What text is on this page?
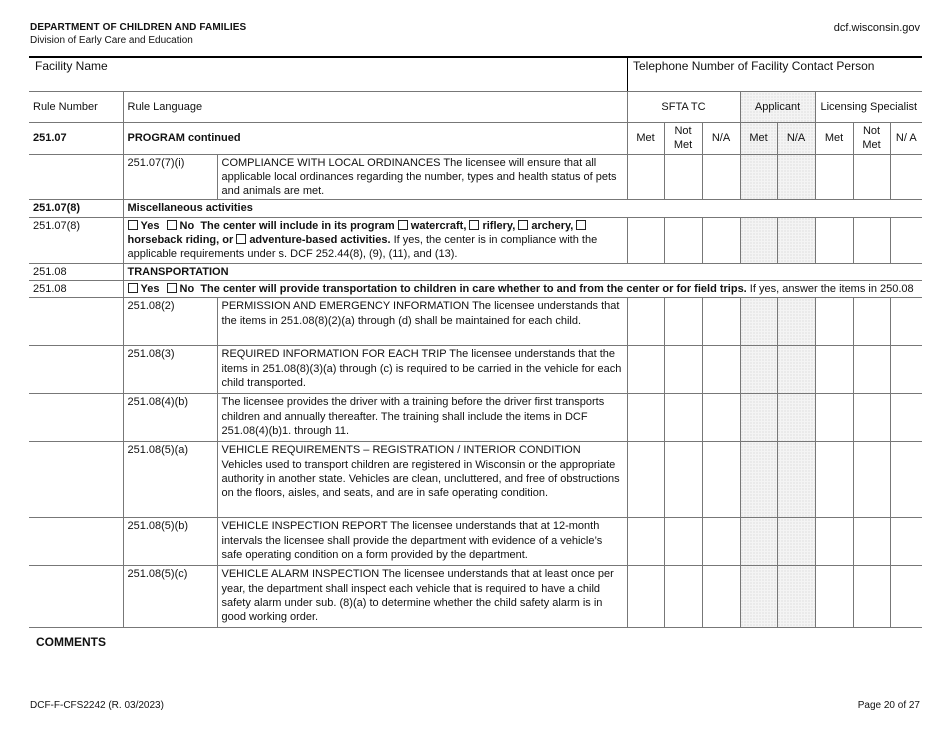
DEPARTMENT OF CHILDREN AND FAMILIES
Division of Early Care and Education
dcf.wisconsin.gov
Facility Name	Telephone Number of Facility Contact Person
Rule Number	Rule Language		SFTA TC			Applicant		Licensing Specialist		
251.07	PROGRAM continued		Met	Not Met	N/A	Met	N/A	Met	Not Met	N/ A
	251.07(7)(i)	COMPLIANCE WITH LOCAL ORDINANCES The licensee will ensure that all applicable local ordinances regarding the number, types and health status of pets and animals are met.								
251.07(8)	Miscellaneous activities									
251.07(8)	Yes No The center will include in its program watercraft, riflery, archery, horseback riding, or adventure-based activities. If yes, the center is in compliance with the applicable requirements under s. DCF 252.44(8), (9), (11), and (13).									
251.08	TRANSPORTATION									
251.08	Yes No The center will provide transportation to children in care whether to and from the center or for field trips. If yes, answer the items in 250.08									
	251.08(2)	PERMISSION AND EMERGENCY INFORMATION The licensee understands that the items in 251.08(8)(2)(a) through (d) shall be maintained for each child.								
	251.08(3)	REQUIRED INFORMATION FOR EACH TRIP The licensee understands that the items in 251.08(8)(3)(a) through (c) is required to be carried in the vehicle for each child transported.								
	251.08(4)(b)	The licensee provides the driver with a training before the driver first transports children and annually thereafter. The training shall include the items in DCF 251.08(4)(b)1. through 11.								
	251.08(5)(a)	VEHICLE REQUIREMENTS – REGISTRATION / INTERIOR CONDITION Vehicles used to transport children are registered in Wisconsin or the appropriate authority in another state. Vehicles are clean, uncluttered, and free of obstructions on the floors, aisles, and seats, and are in safe operating condition.								
	251.08(5)(b)	VEHICLE INSPECTION REPORT The licensee understands that at 12-month intervals the licensee shall provide the department with evidence of a vehicle’s safe operating condition on a form provided by the department.								
	251.08(5)(c)	VEHICLE ALARM INSPECTION The licensee understands that at least once per year, the department shall inspect each vehicle that is required to have a child safety alarm under sub. (8)(a) to determine whether the child safety alarm is in good working order.								
COMMENTS
DCF-F-CFS2242 (R. 03/2023)	Page 20 of 27
